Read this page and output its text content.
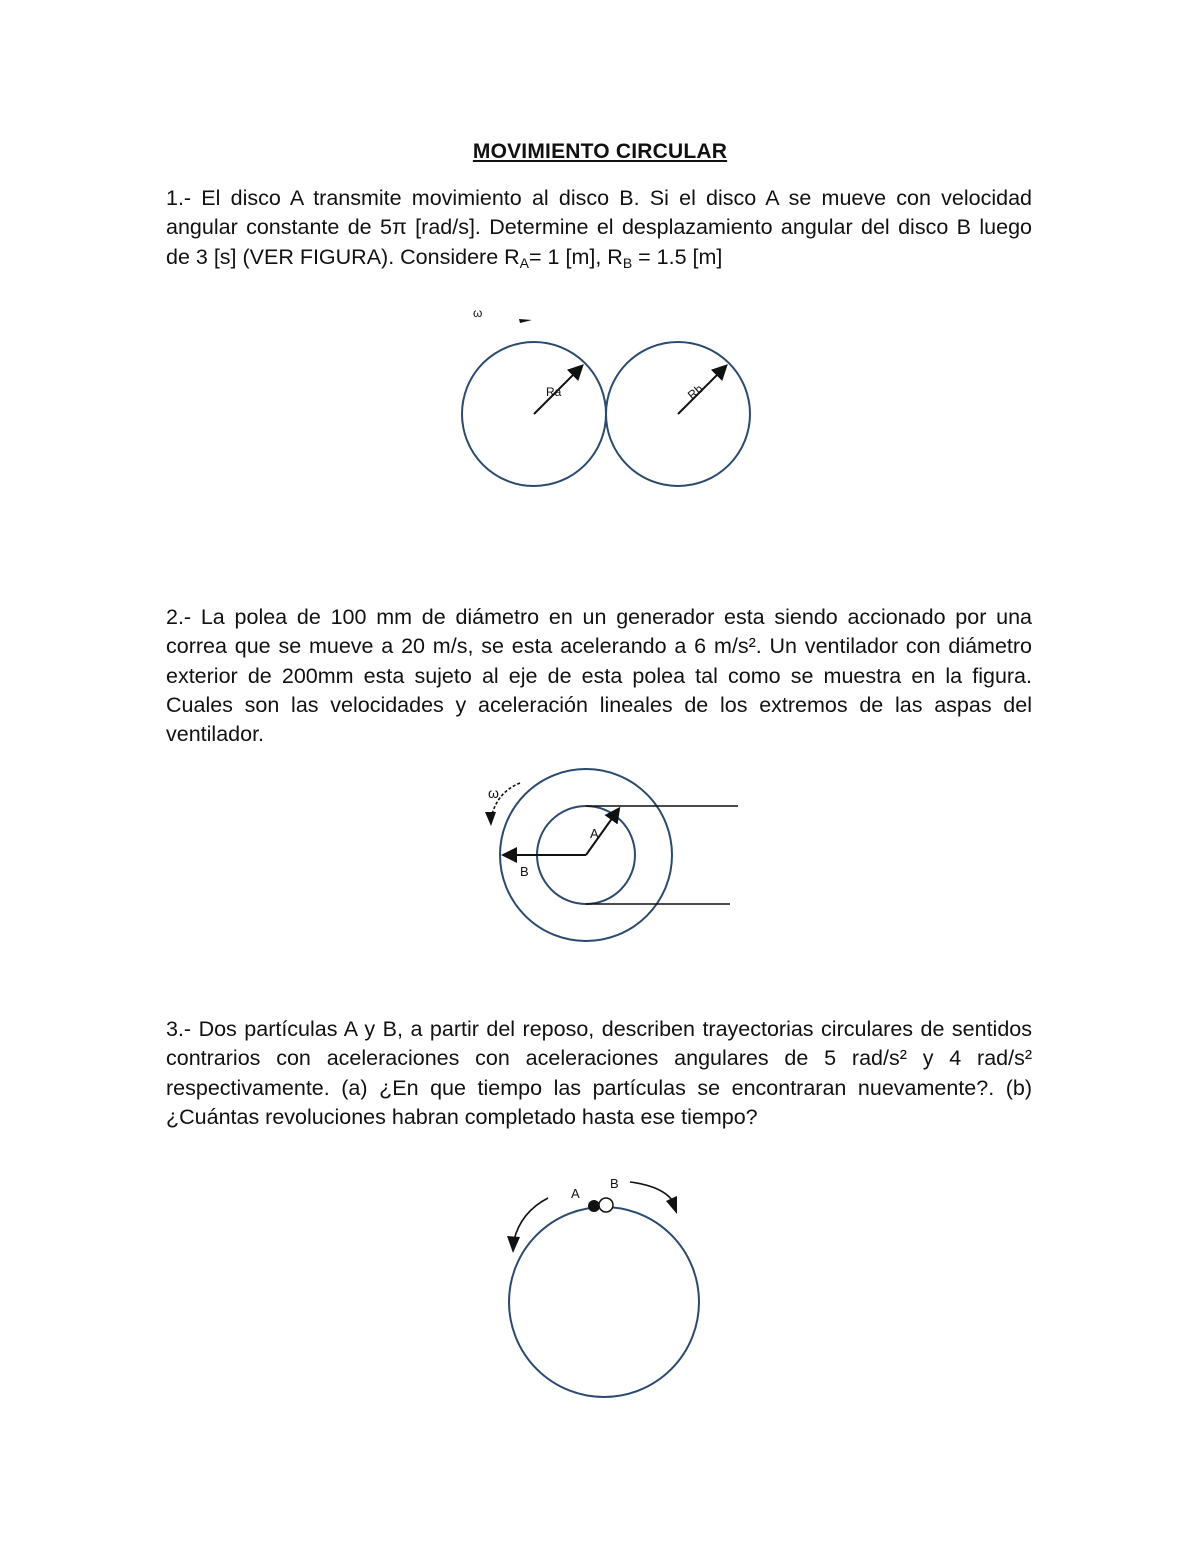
MOVIMIENTO CIRCULAR

1.- El disco A transmite movimiento al disco B. Si el disco A se mueve con velocidad angular constante de 5π [rad/s]. Determine el desplazamiento angular del disco B luego de 3 [s] (VER FIGURA). Considere RA= 1 [m], RB = 1.5 [m]

ω
Ra	Rb

2.- La polea de 100 mm de diámetro en un generador esta siendo accionado por una correa que se mueve a 20 m/s, se esta acelerando a 6 m/s². Un ventilador con diámetro exterior de 200mm esta sujeto al eje de esta polea tal como se muestra en la figura. Cuales son las velocidades y aceleración lineales de los extremos de las aspas del ventilador.

A
B
ω

3.- Dos partículas A y B, a partir del reposo, describen trayectorias circulares de sentidos contrarios con aceleraciones con aceleraciones angulares de 5 rad/s² y 4 rad/s² respectivamente. (a) ¿En que tiempo las partículas se encontraran nuevamente?. (b) ¿Cuántas revoluciones habran completado hasta ese tiempo?

A
B
